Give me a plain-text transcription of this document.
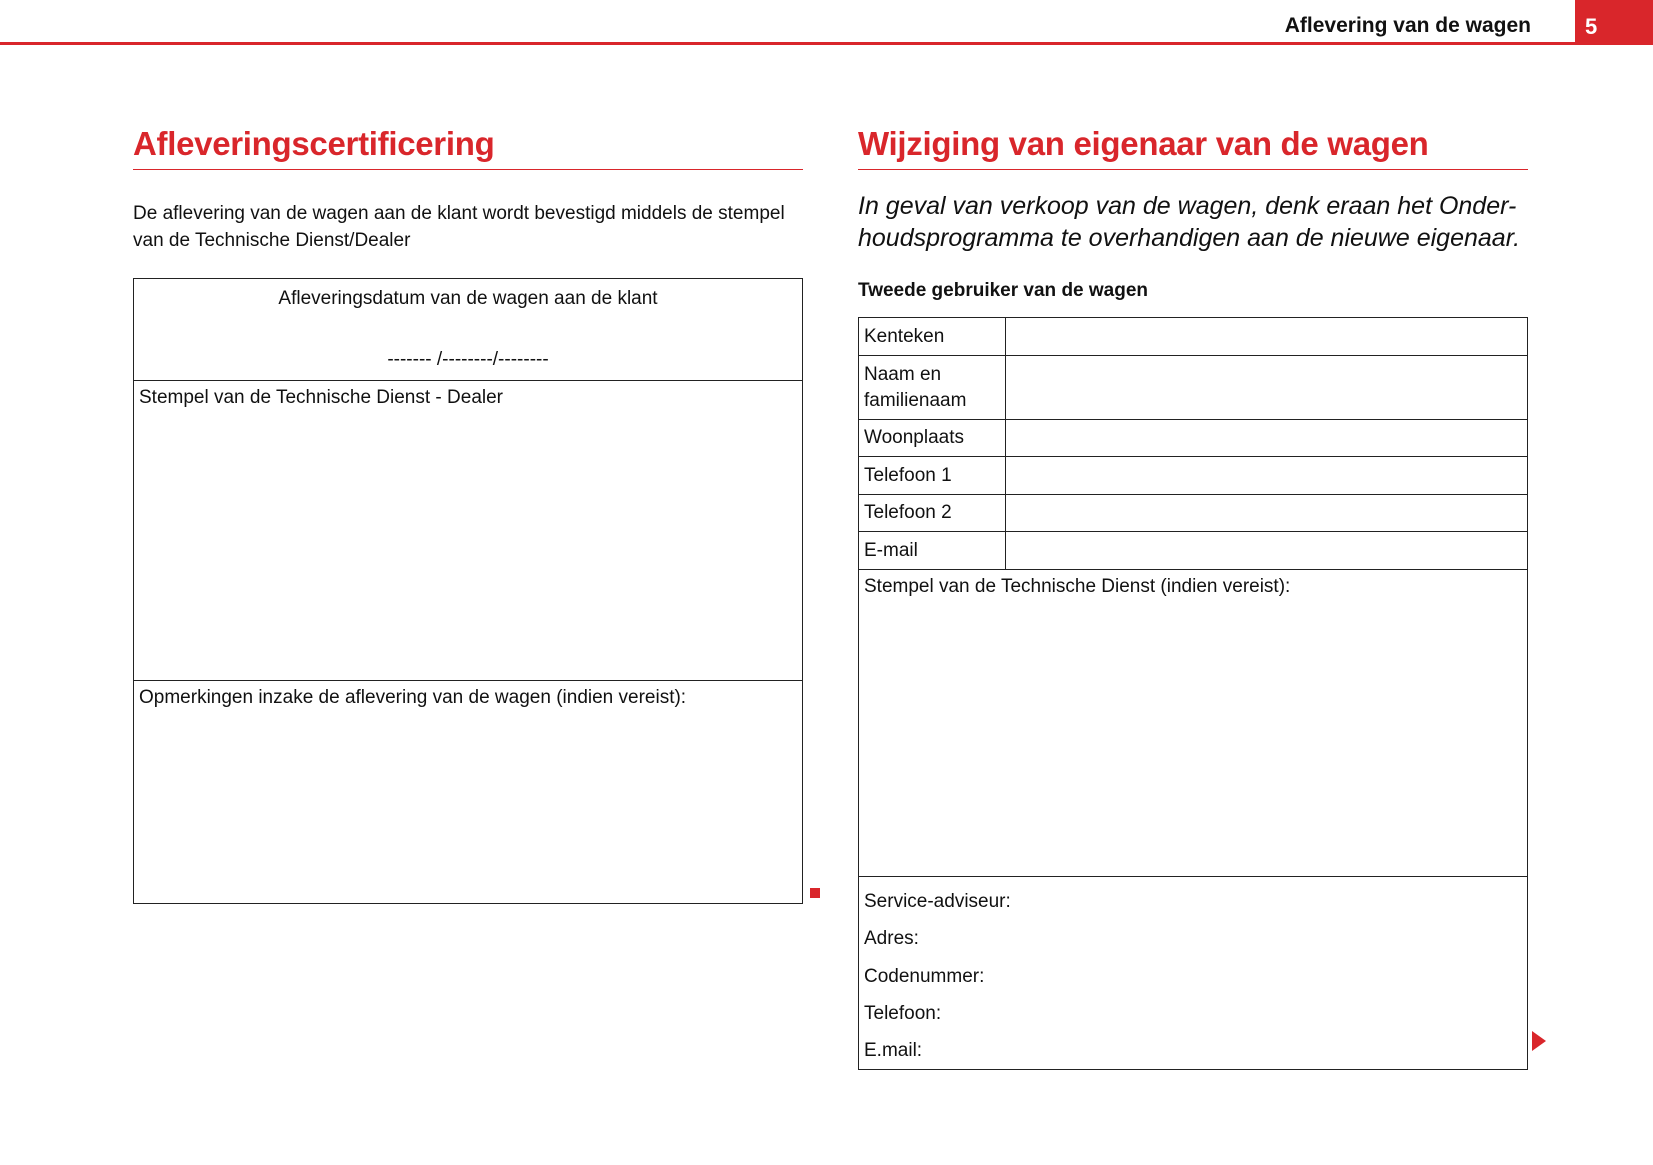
Aflevering van de wagen	5
Afleveringscertificering

De aflevering van de wagen aan de klant wordt bevestigd middels de stempel van de Technische Dienst/Dealer

Afleveringsdatum van de wagen aan de klant
------- /--------/--------
Stempel van de Technische Dienst - Dealer
Opmerkingen inzake de aflevering van de wagen (indien vereist):
Wijziging van eigenaar van de wagen

In geval van verkoop van de wagen, denk eraan het Onder- houdsprogramma te overhandigen aan de nieuwe eigenaar.

Tweede gebruiker van de wagen

Kenteken	
Naam en familienaam	
Woonplaats	
Telefoon 1	
Telefoon 2	
E-mail	
Stempel van de Technische Dienst (indien vereist):	

Service-adviseur:
Adres:
Codenummer:
Telefoon:
E.mail:	
